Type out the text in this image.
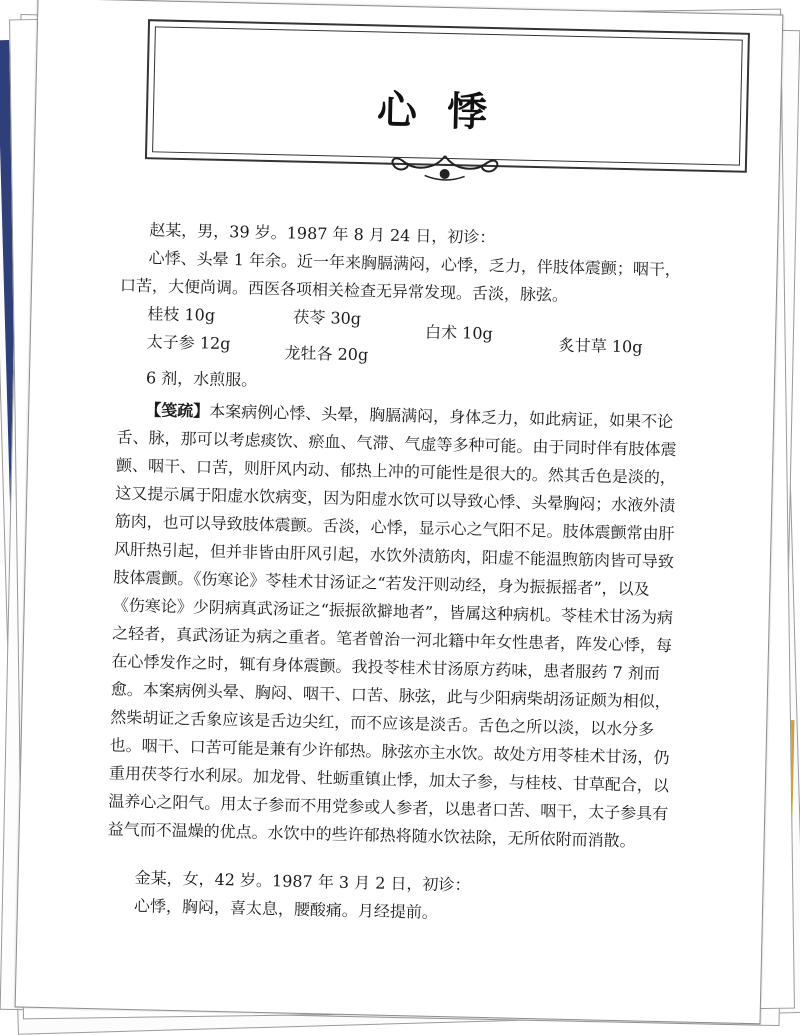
心悸
赵某，男，39 岁。1987 年 8 月 24 日，初诊：
心悸、头晕 1 年余。近一年来胸膈满闷，心悸，乏力，伴肢体震颤；咽干，
口苦，大便尚调。西医各项相关检查无异常发现。舌淡，脉弦。
桂枝 10g	茯苓 30g
白术 10g
炙甘草 10g
太子参 12g
龙牡各 20g
6 剂，水煎服。
【笺疏】本案病例心悸、头晕，胸膈满闷，身体乏力，如此病证，如果不论
舌、脉，那可以考虑痰饮、瘀血、气滞、气虚等多种可能。由于同时伴有肢体震
颤、咽干、口苦，则肝风内动、郁热上冲的可能性是很大的。然其舌色是淡的，
这又提示属于阳虚水饮病变，因为阳虚水饮可以导致心悸、头晕胸闷；水液外渍
筋肉，也可以导致肢体震颤。舌淡，心悸，显示心之气阳不足。肢体震颤常由肝
风肝热引起，但并非皆由肝风引起，水饮外渍筋肉，阳虚不能温煦筋肉皆可导致
肢体震颤。《伤寒论》苓桂术甘汤证之“若发汗则动经，身为振振摇者”，以及
《伤寒论》少阴病真武汤证之“振振欲擗地者”，皆属这种病机。苓桂术甘汤为病
之轻者，真武汤证为病之重者。笔者曾治一河北籍中年女性患者，阵发心悸，每
在心悸发作之时，辄有身体震颤。我投苓桂术甘汤原方药味，患者服药 7 剂而
愈。本案病例头晕、胸闷、咽干、口苦、脉弦，此与少阳病柴胡汤证颇为相似，
然柴胡证之舌象应该是舌边尖红，而不应该是淡舌。舌色之所以淡，以水分多
也。咽干、口苦可能是兼有少许郁热。脉弦亦主水饮。故处方用苓桂术甘汤，仍
重用茯苓行水利尿。加龙骨、牡蛎重镇止悸，加太子参，与桂枝、甘草配合，以
温养心之阳气。用太子参而不用党参或人参者，以患者口苦、咽干，太子参具有
益气而不温燥的优点。水饮中的些许郁热将随水饮祛除，无所依附而消散。
金某，女，42 岁。1987 年 3 月 2 日，初诊：
心悸，胸闷，喜太息，腰酸痛。月经提前。
